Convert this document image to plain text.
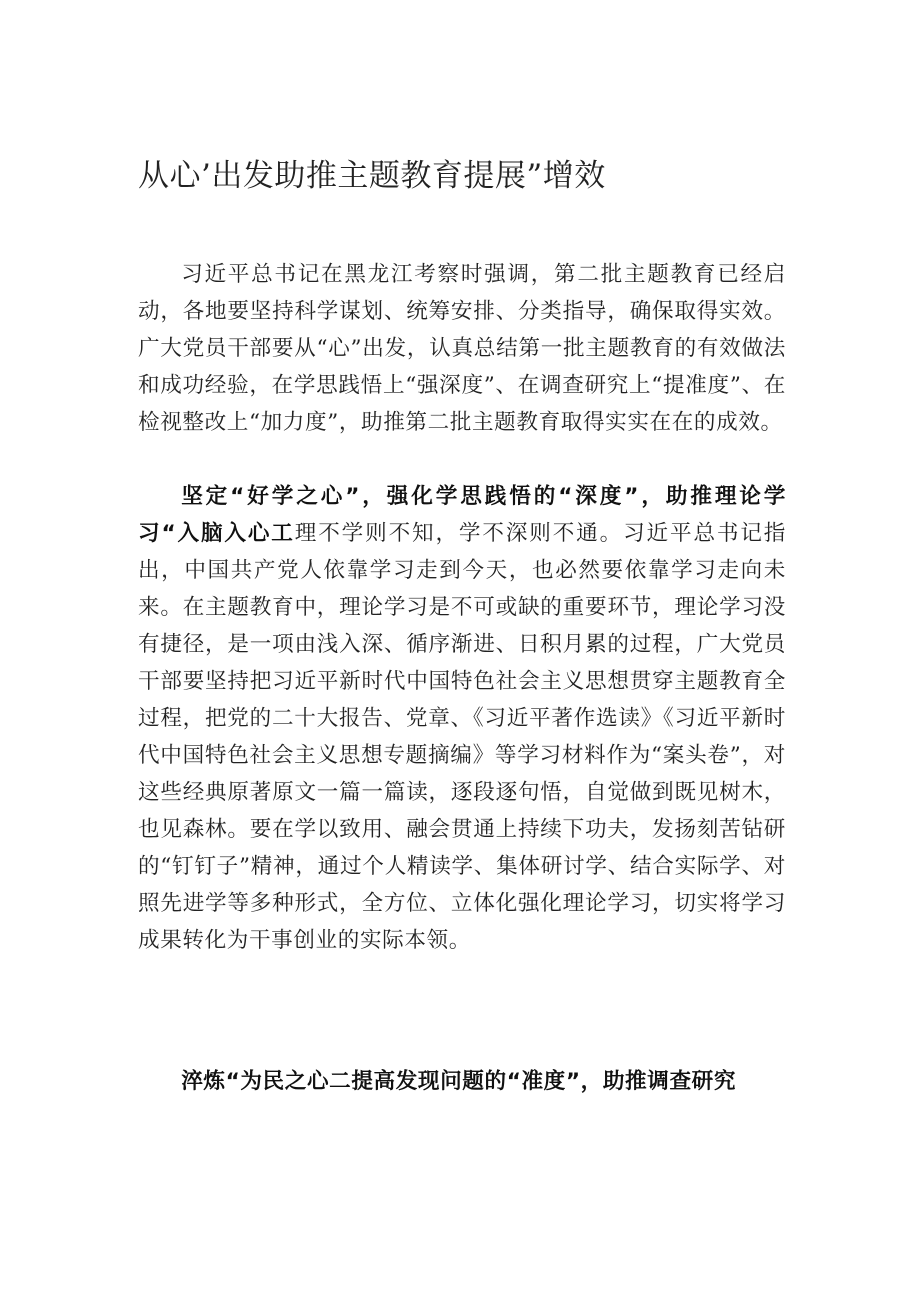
从心’出发助推主题教育提展”增效

习近平总书记在黑龙江考察时强调，第二批主题教育已经启动，各地要坚持科学谋划、统筹安排、分类指导，确保取得实效。广大党员干部要从“心”出发，认真总结第一批主题教育的有效做法和成功经验，在学思践悟上“强深度”、在调查研究上“提准度”、在检视整改上“加力度”，助推第二批主题教育取得实实在在的成效。

坚定“好学之心”，强化学思践悟的“深度”，助推理论学习“入脑入心工理不学则不知，学不深则不通。习近平总书记指出，中国共产党人依靠学习走到今天，也必然要依靠学习走向未来。在主题教育中，理论学习是不可或缺的重要环节，理论学习没有捷径，是一项由浅入深、循序渐进、日积月累的过程，广大党员干部要坚持把习近平新时代中国特色社会主义思想贯穿主题教育全过程，把党的二十大报告、党章、《习近平著作选读》《习近平新时代中国特色社会主义思想专题摘编》等学习材料作为“案头卷”，对这些经典原著原文一篇一篇读，逐段逐句悟，自觉做到既见树木，也见森林。要在学以致用、融会贯通上持续下功夫，发扬刻苦钻研的“钉钉子”精神，通过个人精读学、集体研讨学、结合实际学、对照先进学等多种形式，全方位、立体化强化理论学习，切实将学习成果转化为干事创业的实际本领。

淬炼“为民之心二提高发现问题的“准度”，助推调查研究
